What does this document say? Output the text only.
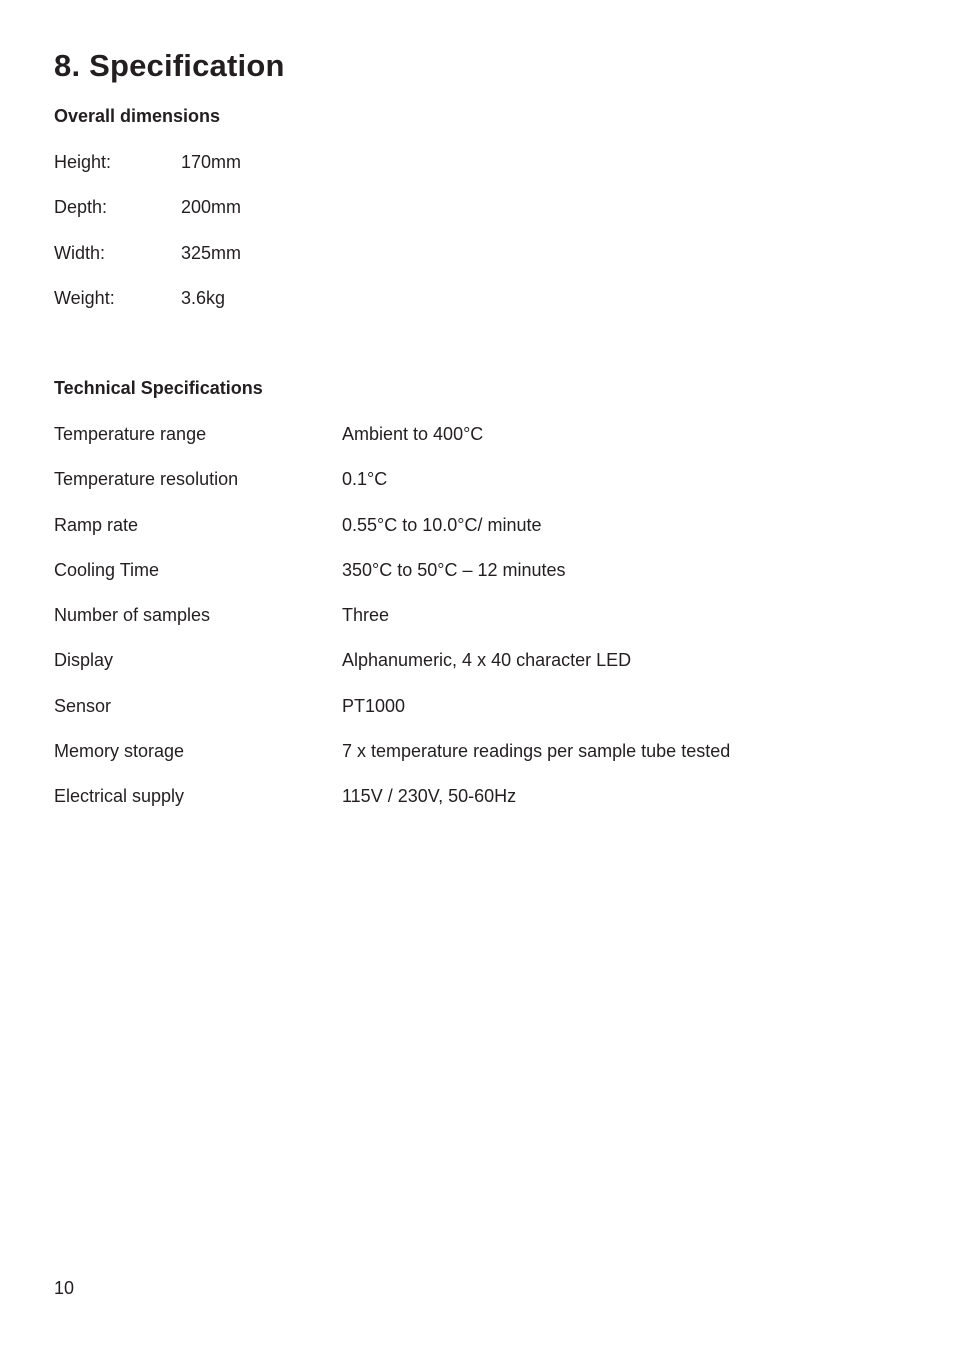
8. Specification
Overall dimensions
Height:	170mm
Depth:	200mm
Width:	325mm
Weight:	3.6kg
Technical Specifications
Temperature range	Ambient to 400°C
Temperature resolution	0.1°C
Ramp rate	0.55°C to 10.0°C/ minute
Cooling Time	350°C to 50°C – 12 minutes
Number of samples	Three
Display	Alphanumeric, 4 x 40 character LED
Sensor	PT1000
Memory storage	7 x temperature readings per sample tube tested
Electrical supply	115V / 230V, 50-60Hz
10
